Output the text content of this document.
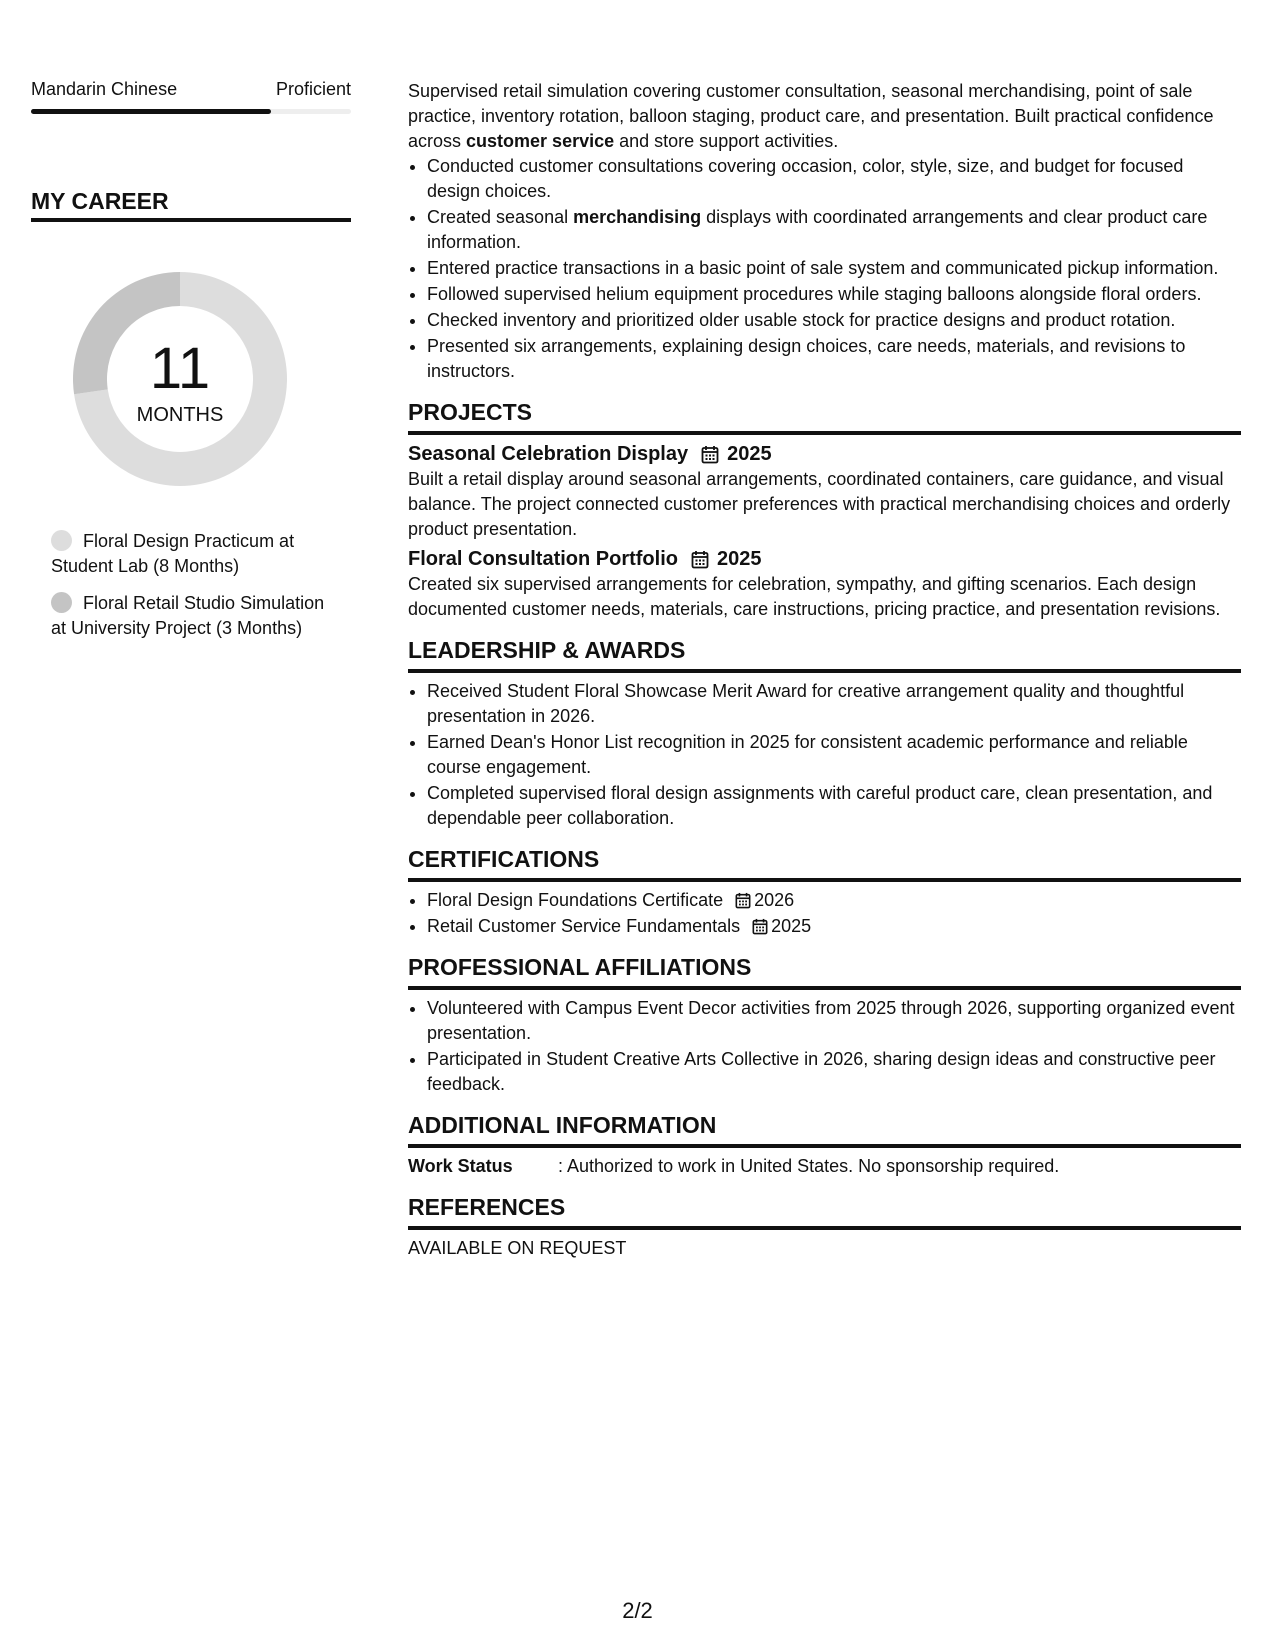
Mandarin Chinese	Proficient
MY CAREER
11
MONTHS
Floral Design Practicum at Student Lab (8 Months)
Floral Retail Studio Simulation at University Project (3 Months)

Supervised retail simulation covering customer consultation, seasonal merchandising, point of sale practice, inventory rotation, balloon staging, product care, and presentation. Built practical confidence across customer service and store support activities.

• Conducted customer consultations covering occasion, color, style, size, and budget for focused design choices.
• Created seasonal merchandising displays with coordinated arrangements and clear product care information.
• Entered practice transactions in a basic point of sale system and communicated pickup information.
• Followed supervised helium equipment procedures while staging balloons alongside floral orders.
• Checked inventory and prioritized older usable stock for practice designs and product rotation.
• Presented six arrangements, explaining design choices, care needs, materials, and revisions to instructors.
PROJECTS
Seasonal Celebration Display 2025

Built a retail display around seasonal arrangements, coordinated containers, care guidance, and visual balance. The project connected customer preferences with practical merchandising choices and orderly product presentation.

Floral Consultation Portfolio 2025

Created six supervised arrangements for celebration, sympathy, and gifting scenarios. Each design documented customer needs, materials, care instructions, pricing practice, and presentation revisions.

LEADERSHIP & AWARDS
• Received Student Floral Showcase Merit Award for creative arrangement quality and thoughtful presentation in 2026.
• Earned Dean's Honor List recognition in 2025 for consistent academic performance and reliable course engagement.
• Completed supervised floral design assignments with careful product care, clean presentation, and dependable peer collaboration.
CERTIFICATIONS
• Floral Design Foundations Certificate 2026
• Retail Customer Service Fundamentals 2025
PROFESSIONAL AFFILIATIONS
• Volunteered with Campus Event Decor activities from 2025 through 2026, supporting organized event presentation.
• Participated in Student Creative Arts Collective in 2026, sharing design ideas and constructive peer feedback.
ADDITIONAL INFORMATION
Work Status	: Authorized to work in United States. No sponsorship required.
REFERENCES

AVAILABLE ON REQUEST

2/2
